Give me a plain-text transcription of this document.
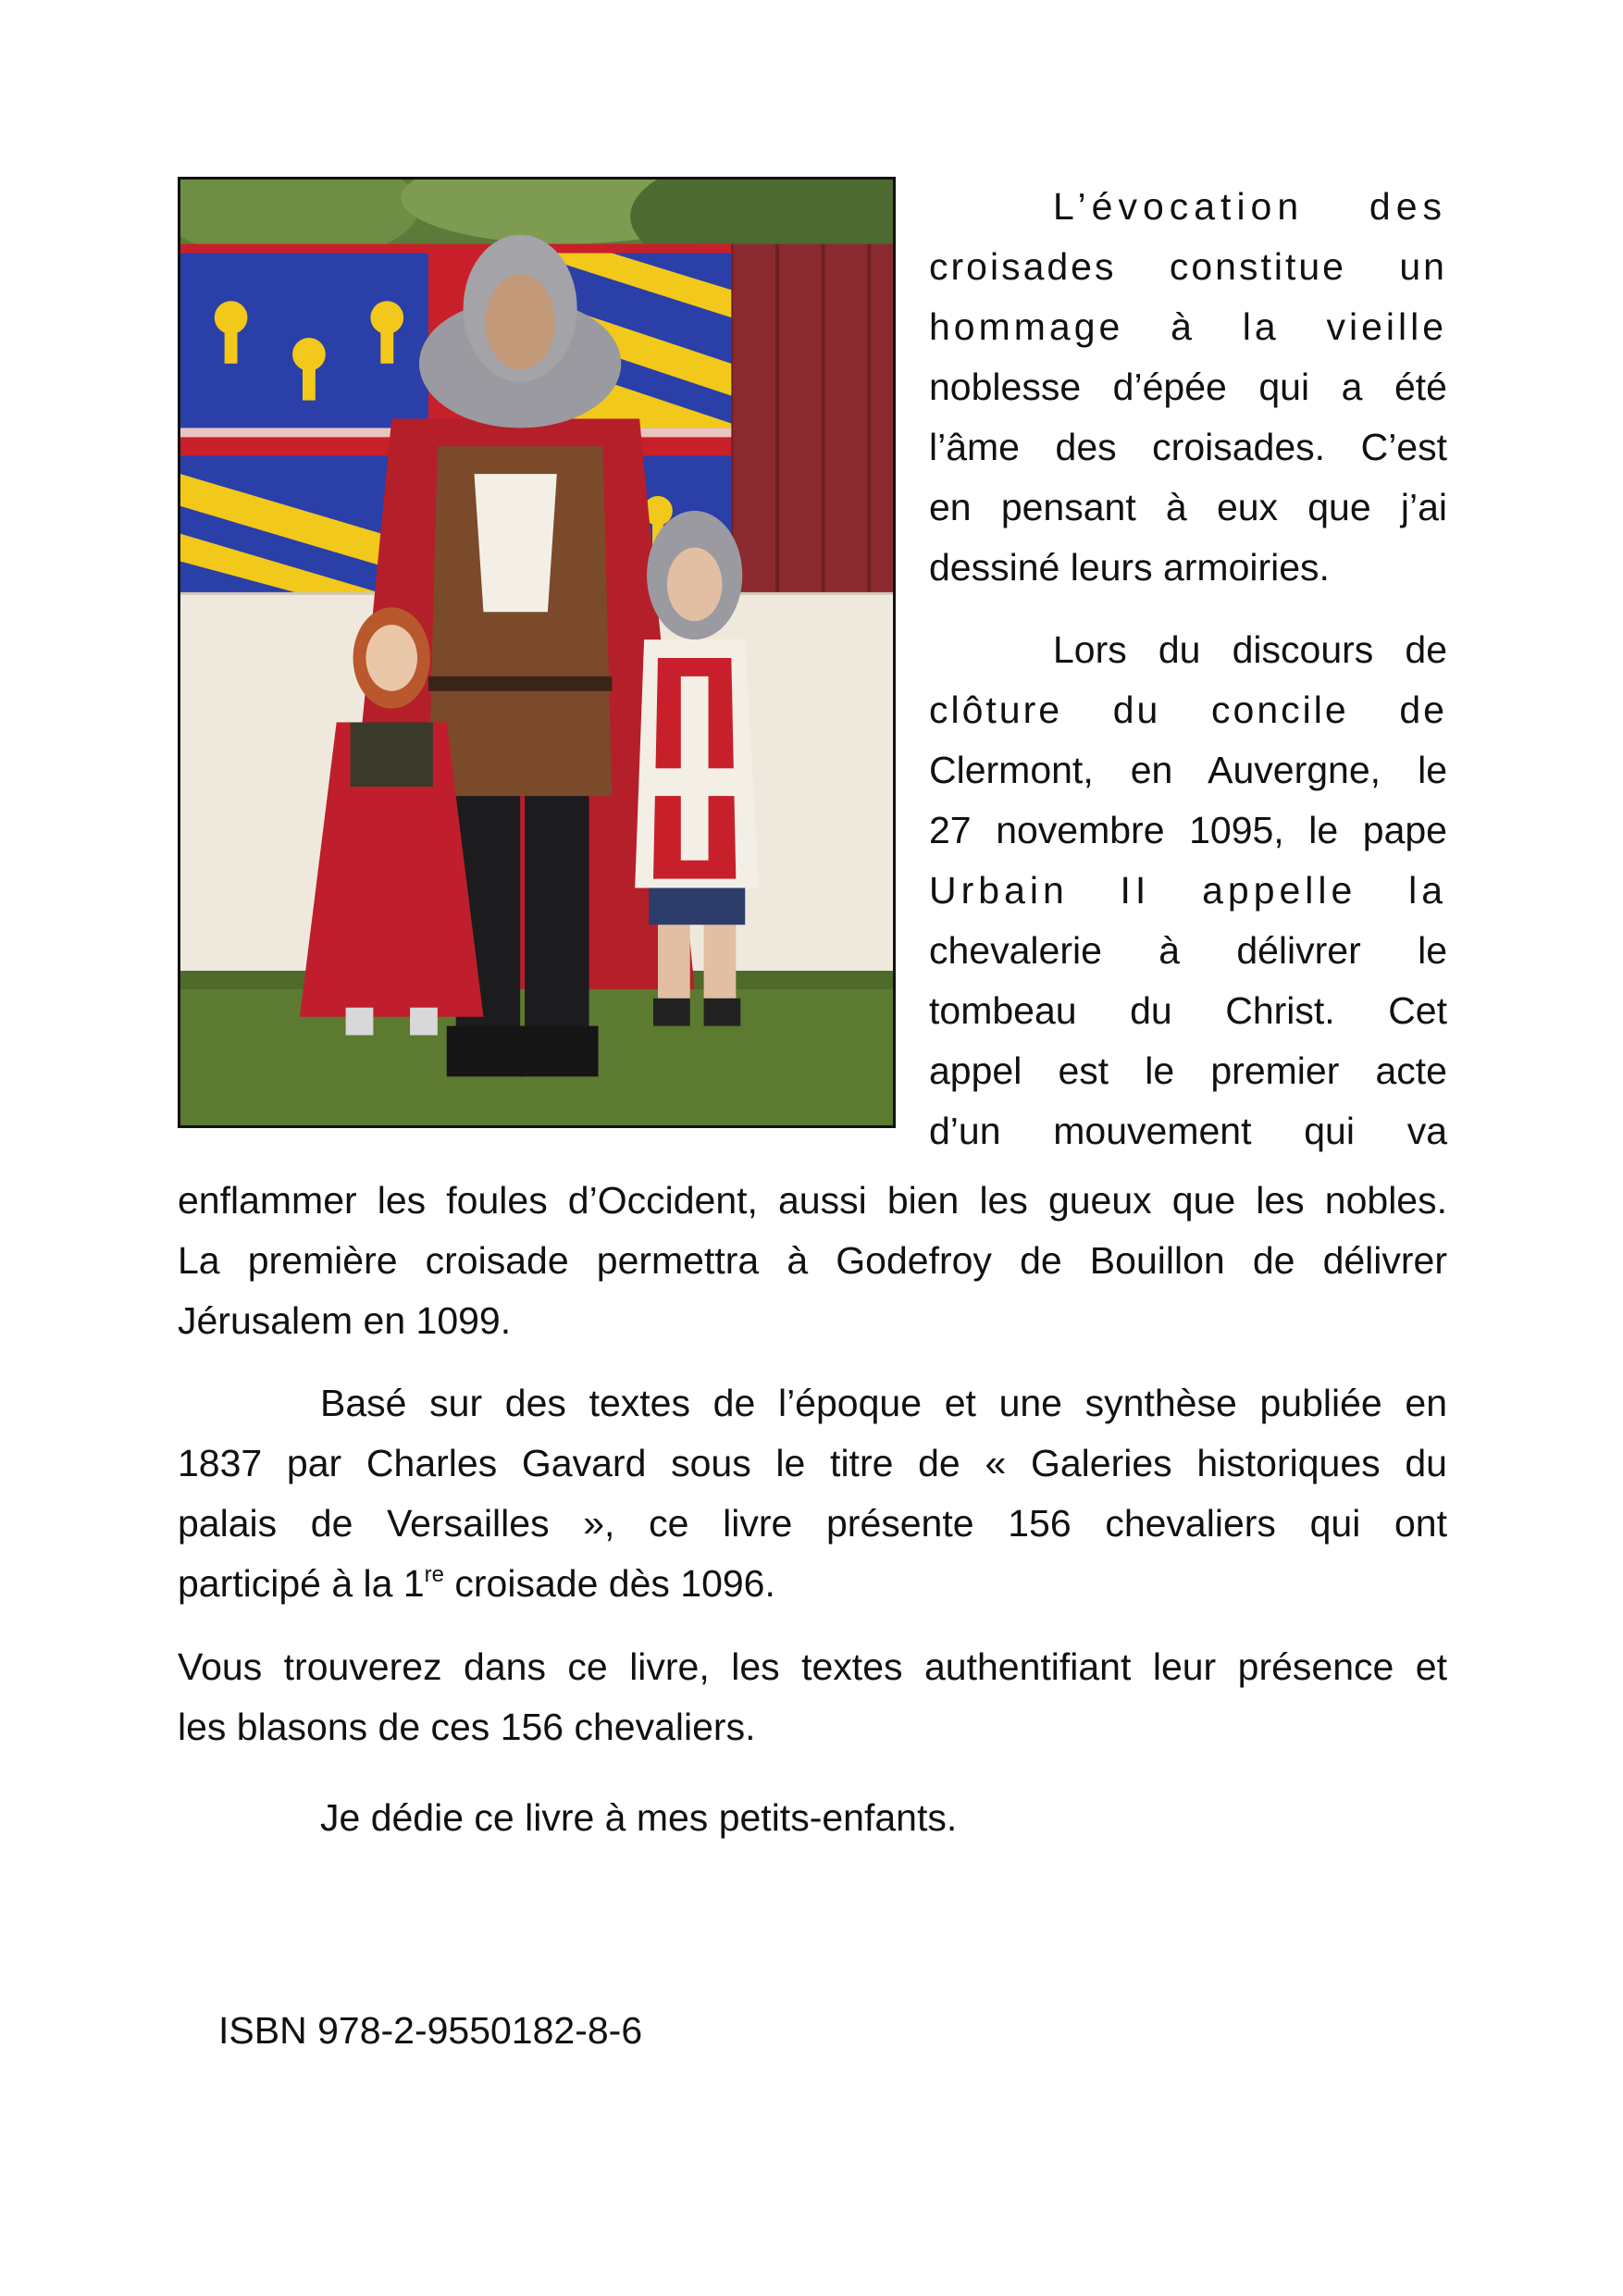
L’évocation des
croisades constitue un
hommage à la vieille
noblesse d’épée qui a été
l’âme des croisades. C’est
en pensant à eux que j’ai
dessiné leurs armoiries.

Lors du discours de
clôture du concile de
Clermont, en Auvergne, le
27 novembre 1095, le pape
Urbain II appelle la
chevalerie à délivrer le
tombeau du Christ. Cet
appel est le premier acte
d’un mouvement qui va

enflammer les foules d’Occident, aussi bien les gueux que les nobles.
La première croisade permettra à Godefroy de Bouillon de délivrer
Jérusalem en 1099.

Basé sur des textes de l’époque et une synthèse publiée en
1837 par Charles Gavard sous le titre de « Galeries historiques du
palais de Versailles », ce livre présente 156 chevaliers qui ont
participé à la 1re croisade dès 1096.

Vous trouverez dans ce livre, les textes authentifiant leur présence et
les blasons de ces 156 chevaliers.

Je dédie ce livre à mes petits-enfants.

ISBN 978-2-9550182-8-6
